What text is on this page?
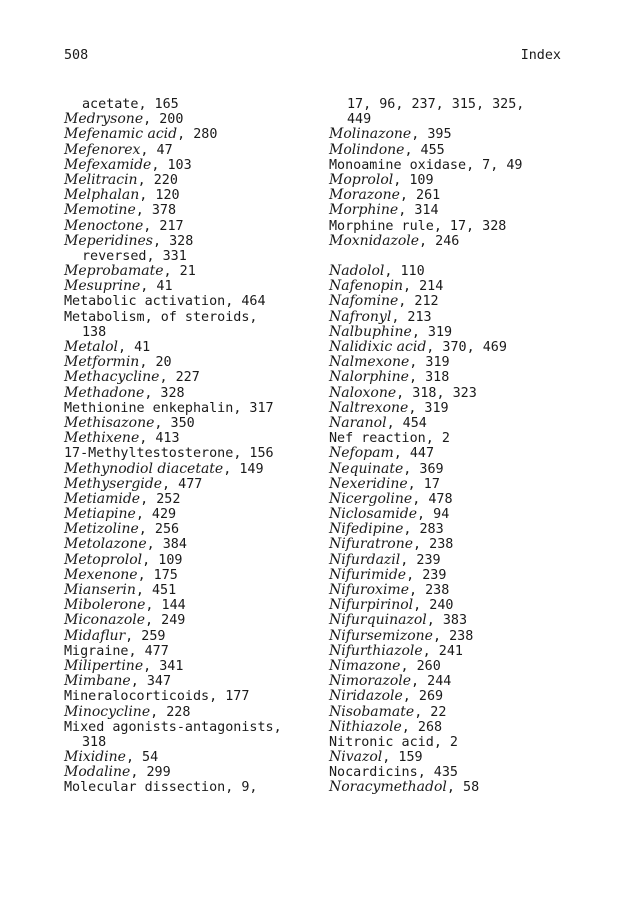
508	Index
acetate, 165
Medrysone, 200
Mefenamic acid, 280
Mefenorex, 47
Mefexamide, 103
Melitracin, 220
Melphalan, 120
Memotine, 378
Menoctone, 217
Meperidines, 328
reversed, 331
Meprobamate, 21
Mesuprine, 41
Metabolic activation, 464
Metabolism, of steroids,
138
Metalol, 41
Metformin, 20
Methacycline, 227
Methadone, 328
Methionine enkephalin, 317
Methisazone, 350
Methixene, 413
17-Methyltestosterone, 156
Methynodiol diacetate, 149
Methysergide, 477
Metiamide, 252
Metiapine, 429
Metizoline, 256
Metolazone, 384
Metoprolol, 109
Mexenone, 175
Mianserin, 451
Mibolerone, 144
Miconazole, 249
Midaflur, 259
Migraine, 477
Milipertine, 341
Mimbane, 347
Mineralocorticoids, 177
Minocycline, 228
Mixed agonists-antagonists,
318
Mixidine, 54
Modaline, 299
Molecular dissection, 9,
17, 96, 237, 315, 325,
449
Molinazone, 395
Molindone, 455
Monoamine oxidase, 7, 49
Moprolol, 109
Morazone, 261
Morphine, 314
Morphine rule, 17, 328
Moxnidazole, 246
Nadolol, 110
Nafenopin, 214
Nafomine, 212
Nafronyl, 213
Nalbuphine, 319
Nalidixic acid, 370, 469
Nalmexone, 319
Nalorphine, 318
Naloxone, 318, 323
Naltrexone, 319
Naranol, 454
Nef reaction, 2
Nefopam, 447
Nequinate, 369
Nexeridine, 17
Nicergoline, 478
Niclosamide, 94
Nifedipine, 283
Nifuratrone, 238
Nifurdazil, 239
Nifurimide, 239
Nifuroxime, 238
Nifurpirinol, 240
Nifurquinazol, 383
Nifursemizone, 238
Nifurthiazole, 241
Nimazone, 260
Nimorazole, 244
Niridazole, 269
Nisobamate, 22
Nithiazole, 268
Nitronic acid, 2
Nivazol, 159
Nocardicins, 435
Noracymethadol, 58
